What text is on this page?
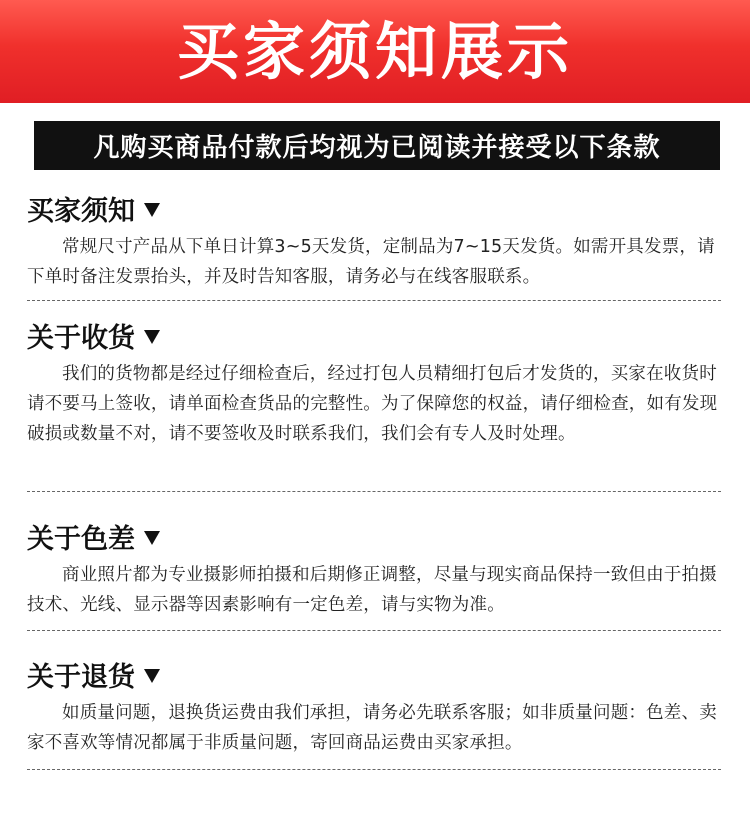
买家须知展示
凡购买商品付款后均视为已阅读并接受以下条款
买家须知

常规尺寸产品从下单日计算3~5天发货，定制品为7~15天发货。如需开具发票，请下单时备注发票抬头，并及时告知客服，请务必与在线客服联系。

关于收货

我们的货物都是经过仔细检查后，经过打包人员精细打包后才发货的，买家在收货时请不要马上签收，请单面检查货品的完整性。为了保障您的权益，请仔细检查，如有发现破损或数量不对，请不要签收及时联系我们，我们会有专人及时处理。

关于色差

商业照片都为专业摄影师拍摄和后期修正调整，尽量与现实商品保持一致但由于拍摄技术、光线、显示器等因素影响有一定色差，请与实物为准。

关于退货

如质量问题，退换货运费由我们承担，请务必先联系客服；如非质量问题：色差、卖家不喜欢等情况都属于非质量问题，寄回商品运费由买家承担。
